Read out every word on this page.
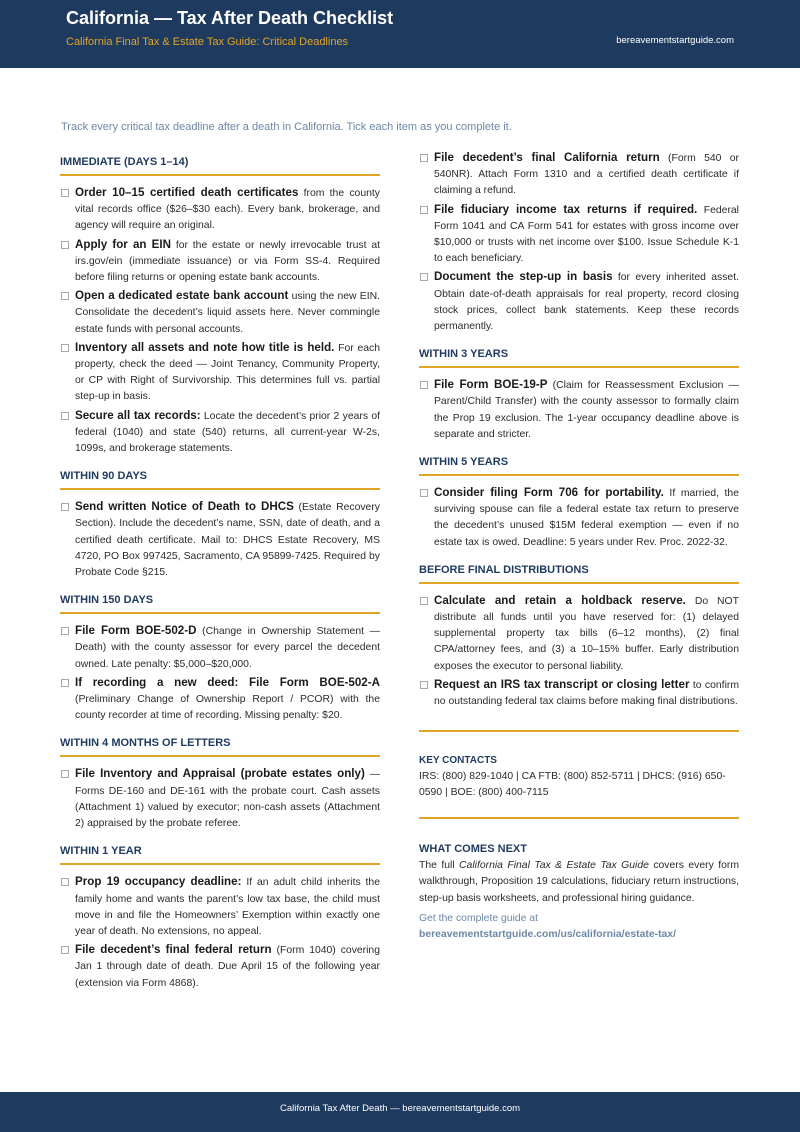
California — Tax After Death Checklist
California Final Tax & Estate Tax Guide: Critical Deadlines	bereavementstartguide.com
Track every critical tax deadline after a death in California. Tick each item as you complete it.
IMMEDIATE (DAYS 1–14)
Order 10–15 certified death certificates from the county vital records office ($26–$30 each). Every bank, brokerage, and agency will require an original.
Apply for an EIN for the estate or newly irrevocable trust at irs.gov/ein (immediate issuance) or via Form SS-4. Required before filing returns or opening estate bank accounts.
Open a dedicated estate bank account using the new EIN. Consolidate the decedent’s liquid assets here. Never commingle estate funds with personal accounts.
Inventory all assets and note how title is held. For each property, check the deed — Joint Tenancy, Community Property, or CP with Right of Survivorship. This determines full vs. partial step-up in basis.
Secure all tax records: Locate the decedent’s prior 2 years of federal (1040) and state (540) returns, all current-year W-2s, 1099s, and brokerage statements.
WITHIN 90 DAYS
Send written Notice of Death to DHCS (Estate Recovery Section). Include the decedent’s name, SSN, date of death, and a certified death certificate. Mail to: DHCS Estate Recovery, MS 4720, PO Box 997425, Sacramento, CA 95899-7425. Required by Probate Code §215.
WITHIN 150 DAYS
File Form BOE-502-D (Change in Ownership Statement — Death) with the county assessor for every parcel the decedent owned. Late penalty: $5,000–$20,000.
If recording a new deed: File Form BOE-502-A (Preliminary Change of Ownership Report / PCOR) with the county recorder at time of recording. Missing penalty: $20.
WITHIN 4 MONTHS OF LETTERS
File Inventory and Appraisal (probate estates only) — Forms DE-160 and DE-161 with the probate court. Cash assets (Attachment 1) valued by executor; non-cash assets (Attachment 2) appraised by the probate referee.
WITHIN 1 YEAR
Prop 19 occupancy deadline: If an adult child inherits the family home and wants the parent’s low tax base, the child must move in and file the Homeowners’ Exemption within exactly one year of death. No extensions, no appeal.
File decedent’s final federal return (Form 1040) covering Jan 1 through date of death. Due April 15 of the following year (extension via Form 4868).
File decedent’s final California return (Form 540 or 540NR). Attach Form 1310 and a certified death certificate if claiming a refund.
File fiduciary income tax returns if required. Federal Form 1041 and CA Form 541 for estates with gross income over $10,000 or trusts with net income over $100. Issue Schedule K-1 to each beneficiary.
Document the step-up in basis for every inherited asset. Obtain date-of-death appraisals for real property, record closing stock prices, collect bank statements. Keep these records permanently.
WITHIN 3 YEARS
File Form BOE-19-P (Claim for Reassessment Exclusion — Parent/Child Transfer) with the county assessor to formally claim the Prop 19 exclusion. The 1-year occupancy deadline above is separate and stricter.
WITHIN 5 YEARS
Consider filing Form 706 for portability. If married, the surviving spouse can file a federal estate tax return to preserve the decedent’s unused $15M federal exemption — even if no estate tax is owed. Deadline: 5 years under Rev. Proc. 2022-32.
BEFORE FINAL DISTRIBUTIONS
Calculate and retain a holdback reserve. Do NOT distribute all funds until you have reserved for: (1) delayed supplemental property tax bills (6–12 months), (2) final CPA/attorney fees, and (3) a 10–15% buffer. Early distribution exposes the executor to personal liability.
Request an IRS tax transcript or closing letter to confirm no outstanding federal tax claims before making final distributions.
KEY CONTACTS
IRS: (800) 829-1040 | CA FTB: (800) 852-5711 | DHCS: (916) 650-0590 | BOE: (800) 400-7115
WHAT COMES NEXT
The full California Final Tax & Estate Tax Guide covers every form walkthrough, Proposition 19 calculations, fiduciary return instructions, step-up basis worksheets, and professional hiring guidance.
Get the complete guide at
bereavementstartguide.com/us/california/estate-tax/
California Tax After Death — bereavementstartguide.com
